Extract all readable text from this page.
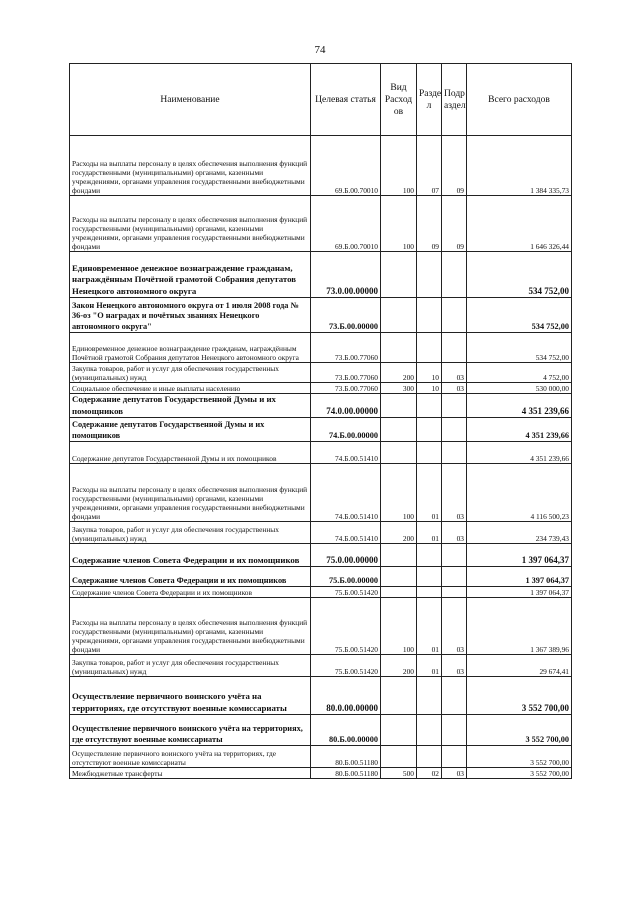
74
Наименование	Целевая статья	Вид Расход ов	Разде л	Подр аздел	Всего расходов
Расходы на выплаты персоналу в целях обеспечения выполнения функций государственными (муниципальными) органами, казенными учреждениями, органами управления государственными внебюджетными фондами	69.Б.00.70010	100	07	09	1 384 335,73
Расходы на выплаты персоналу в целях обеспечения выполнения функций государственными (муниципальными) органами, казенными учреждениями, органами управления государственными внебюджетными фондами	69.Б.00.70010	100	09	09	1 646 326,44
Единовременное денежное вознаграждение гражданам, награждённым Почётной грамотой Собрания депутатов Ненецкого автономного округа	73.0.00.00000				534 752,00
Закон Ненецкого автономного округа от 1 июля 2008 года № 36-оз "О наградах и почётных званиях Ненецкого автономного округа"	73.Б.00.00000				534 752,00
Единовременное денежное вознаграждение гражданам, награждённым Почётной грамотой Собрания депутатов Ненецкого автономного округа	73.Б.00.77060				534 752,00
Закупка товаров, работ и услуг для обеспечения государственных (муниципальных) нужд	73.Б.00.77060	200	10	03	4 752,00
Социальное обеспечение и иные выплаты населению	73.Б.00.77060	300	10	03	530 000,00
Содержание депутатов Государственной Думы и их помощников	74.0.00.00000				4 351 239,66
Содержание депутатов Государственной Думы и их помощников	74.Б.00.00000				4 351 239,66
Содержание депутатов Государственной Думы и их помощников	74.Б.00.51410				4 351 239,66
Расходы на выплаты персоналу в целях обеспечения выполнения функций государственными (муниципальными) органами, казенными учреждениями, органами управления государственными внебюджетными фондами	74.Б.00.51410	100	01	03	4 116 500,23
Закупка товаров, работ и услуг для обеспечения государственных (муниципальных) нужд	74.Б.00.51410	200	01	03	234 739,43
Содержание членов Совета Федерации и их помощников	75.0.00.00000				1 397 064,37
Содержание членов Совета Федерации и их помощников	75.Б.00.00000				1 397 064,37
Содержание членов Совета Федерации и их помощников	75.Б.00.51420				1 397 064,37
Расходы на выплаты персоналу в целях обеспечения выполнения функций государственными (муниципальными) органами, казенными учреждениями, органами управления государственными внебюджетными фондами	75.Б.00.51420	100	01	03	1 367 389,96
Закупка товаров, работ и услуг для обеспечения государственных (муниципальных) нужд	75.Б.00.51420	200	01	03	29 674,41
Осуществление первичного воинского учёта на территориях, где отсутствуют военные комиссариаты	80.0.00.00000				3 552 700,00
Осуществление первичного воинского учёта на территориях, где отсутствуют военные комиссариаты	80.Б.00.00000				3 552 700,00
Осуществление первичного воинского учёта на территориях, где отсутствуют военные комиссариаты	80.Б.00.51180				3 552 700,00
Межбюджетные трансферты	80.Б.00.51180	500	02	03	3 552 700,00
